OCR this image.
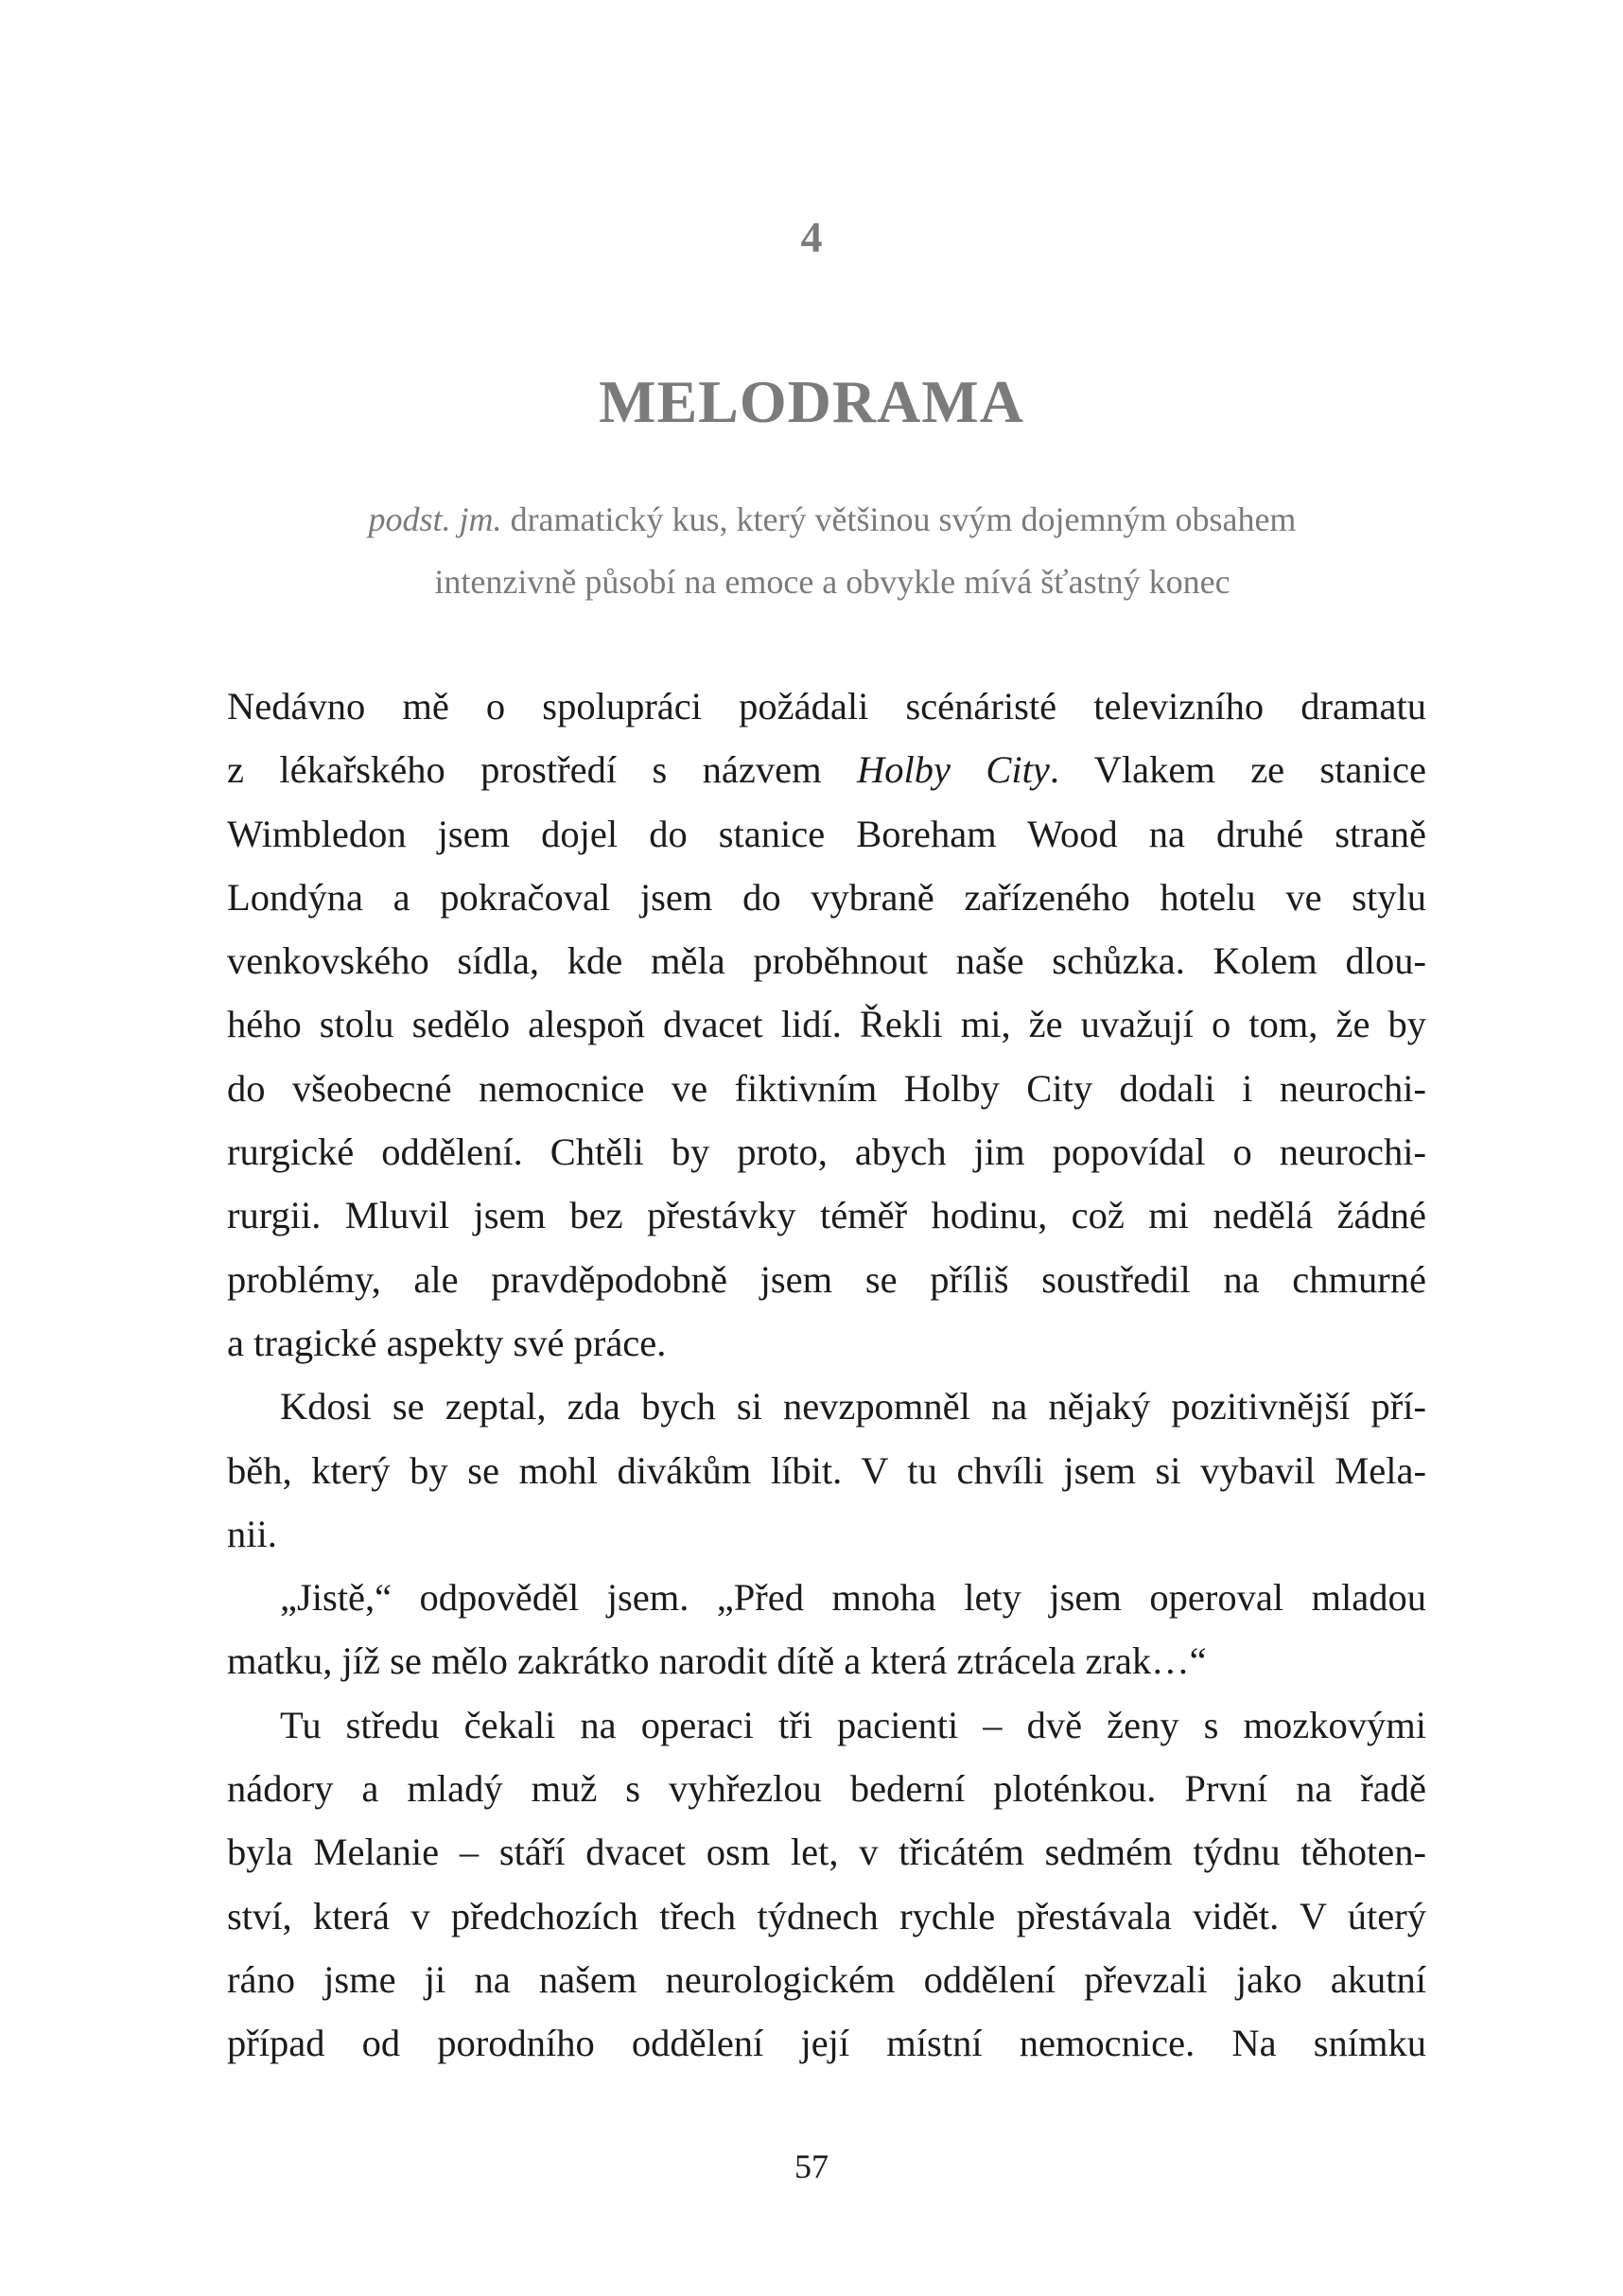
4
MELODRAMA
podst. jm. dramatický kus, který většinou svým dojemným obsahem
intenzivně působí na emoce a obvykle mívá šťastný konec

Nedávno mě o spolupráci požádali scénáristé televizního dramatu
z lékařského prostředí s názvem Holby City. Vlakem ze stanice
Wimbledon jsem dojel do stanice Boreham Wood na druhé straně
Londýna a pokračoval jsem do vybraně zařízeného hotelu ve stylu
venkovského sídla, kde měla proběhnout naše schůzka. Kolem dlou-
hého stolu sedělo alespoň dvacet lidí. Řekli mi, že uvažují o tom, že by
do všeobecné nemocnice ve fiktivním Holby City dodali i neurochi-
rurgické oddělení. Chtěli by proto, abych jim popovídal o neurochi-
rurgii. Mluvil jsem bez přestávky téměř hodinu, což mi nedělá žádné
problémy, ale pravděpodobně jsem se příliš soustředil na chmurné
a tragické aspekty své práce.

Kdosi se zeptal, zda bych si nevzpomněl na nějaký pozitivnější pří-
běh, který by se mohl divákům líbit. V tu chvíli jsem si vybavil Mela-
nii.

„Jistě,“ odpověděl jsem. „Před mnoha lety jsem operoval mladou
matku, jíž se mělo zakrátko narodit dítě a která ztrácela zrak…“

Tu středu čekali na operaci tři pacienti – dvě ženy s mozkovými
nádory a mladý muž s vyhřezlou bederní ploténkou. První na řadě
byla Melanie – stáří dvacet osm let, v třicátém sedmém týdnu těhoten-
ství, která v předchozích třech týdnech rychle přestávala vidět. V úterý
ráno jsme ji na našem neurologickém oddělení převzali jako akutní
případ od porodního oddělení její místní nemocnice. Na snímku

57
